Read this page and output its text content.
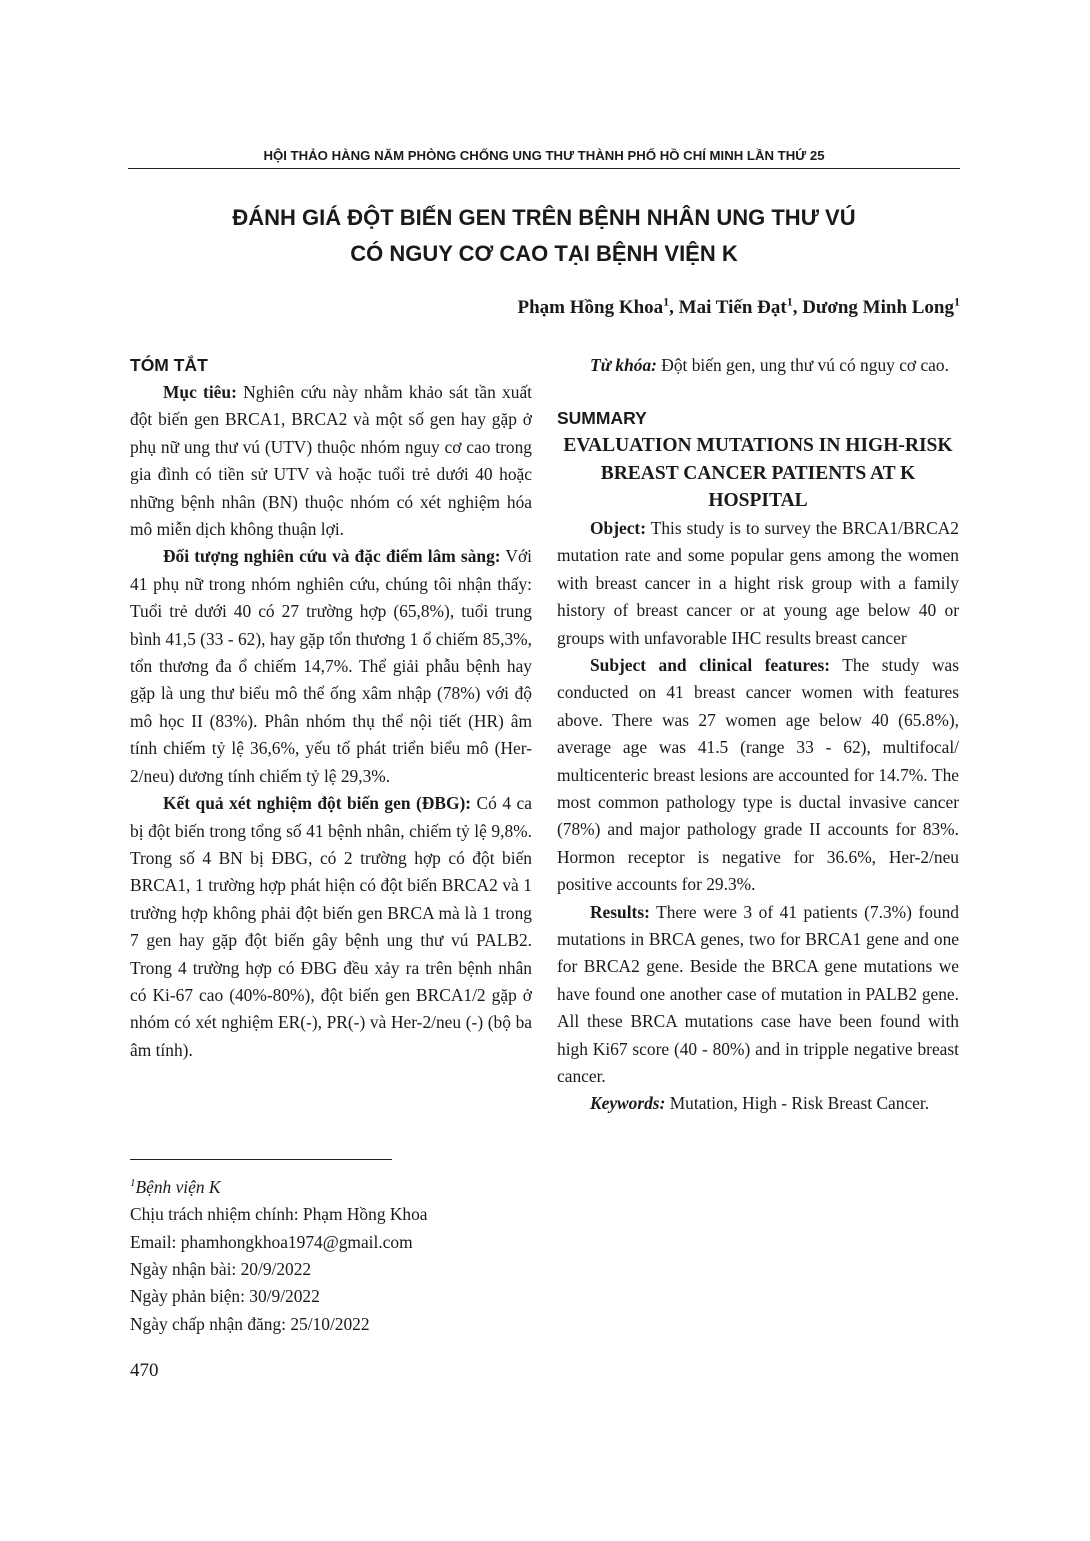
HỘI THẢO HÀNG NĂM PHÒNG CHỐNG UNG THƯ THÀNH PHỐ HỒ CHÍ MINH LẦN THỨ 25
ĐÁNH GIÁ ĐỘT BIẾN GEN TRÊN BỆNH NHÂN UNG THƯ VÚ
CÓ NGUY CƠ CAO TẠI BỆNH VIỆN K
Phạm Hồng Khoa$^1$, Mai Tiến Đạt$^1$, Dương Minh Long$^1$
TÓM TẮT

Mục tiêu: Nghiên cứu này nhằm khảo sát tần xuất đột biến gen BRCA1, BRCA2 và một số gen hay gặp ở phụ nữ ung thư vú (UTV) thuộc nhóm nguy cơ cao trong gia đình có tiền sử UTV và hoặc tuổi trẻ dưới 40 hoặc những bệnh nhân (BN) thuộc nhóm có xét nghiệm hóa mô miễn dịch không thuận lợi.

Đối tượng nghiên cứu và đặc điểm lâm sàng: Với 41 phụ nữ trong nhóm nghiên cứu, chúng tôi nhận thấy: Tuổi trẻ dưới 40 có 27 trường hợp (65,8%), tuổi trung bình 41,5 (33 - 62), hay gặp tổn thương 1 ổ chiếm 85,3%, tổn thương đa ổ chiếm 14,7%. Thể giải phẫu bệnh hay gặp là ung thư biểu mô thể ống xâm nhập (78%) với độ mô học II (83%). Phân nhóm thụ thể nội tiết (HR) âm tính chiếm tỷ lệ 36,6%, yếu tố phát triển biểu mô (Her-2/neu) dương tính chiếm tỷ lệ 29,3%.

Kết quả xét nghiệm đột biến gen (ĐBG): Có 4 ca bị đột biến trong tổng số 41 bệnh nhân, chiếm tỷ lệ 9,8%. Trong số 4 BN bị ĐBG, có 2 trường hợp có đột biến BRCA1, 1 trường hợp phát hiện có đột biến BRCA2 và 1 trường hợp không phải đột biến gen BRCA mà là 1 trong 7 gen hay gặp đột biến gây bệnh ung thư vú PALB2. Trong 4 trường hợp có ĐBG đều xảy ra trên bệnh nhân có Ki-67 cao (40%-80%), đột biến gen BRCA1/2 gặp ở nhóm có xét nghiệm ER(-), PR(-) và Her-2/neu (-) (bộ ba âm tính).

Từ khóa: Đột biến gen, ung thư vú có nguy cơ cao.

SUMMARY

EVALUATION MUTATIONS IN HIGH-RISK BREAST CANCER PATIENTS AT K HOSPITAL

Object: This study is to survey the BRCA1/BRCA2 mutation rate and some popular gens among the women with breast cancer in a hight risk group with a family history of breast cancer or at young age below 40 or groups with unfavorable IHC results breast cancer

Subject and clinical features: The study was conducted on 41 breast cancer women with features above. There was 27 women age below 40 (65.8%), average age was 41.5 (range 33 - 62), multifocal/ multicenteric breast lesions are accounted for 14.7%. The most common pathology type is ductal invasive cancer (78%) and major pathology grade II accounts for 83%. Hormon receptor is negative for 36.6%, Her-2/neu positive accounts for 29.3%.

Results: There were 3 of 41 patients (7.3%) found mutations in BRCA genes, two for BRCA1 gene and one for BRCA2 gene. Beside the BRCA gene mutations we have found one another case of mutation in PALB2 gene. All these BRCA mutations case have been found with high Ki67 score (40 - 80%) and in tripple negative breast cancer.

Keywords: Mutation, High - Risk Breast Cancer.

$^1$Bệnh viện K
Chịu trách nhiệm chính: Phạm Hồng Khoa
Email: phamhongkhoa1974@gmail.com
Ngày nhận bài: 20/9/2022
Ngày phản biện: 30/9/2022
Ngày chấp nhận đăng: 25/10/2022
470
